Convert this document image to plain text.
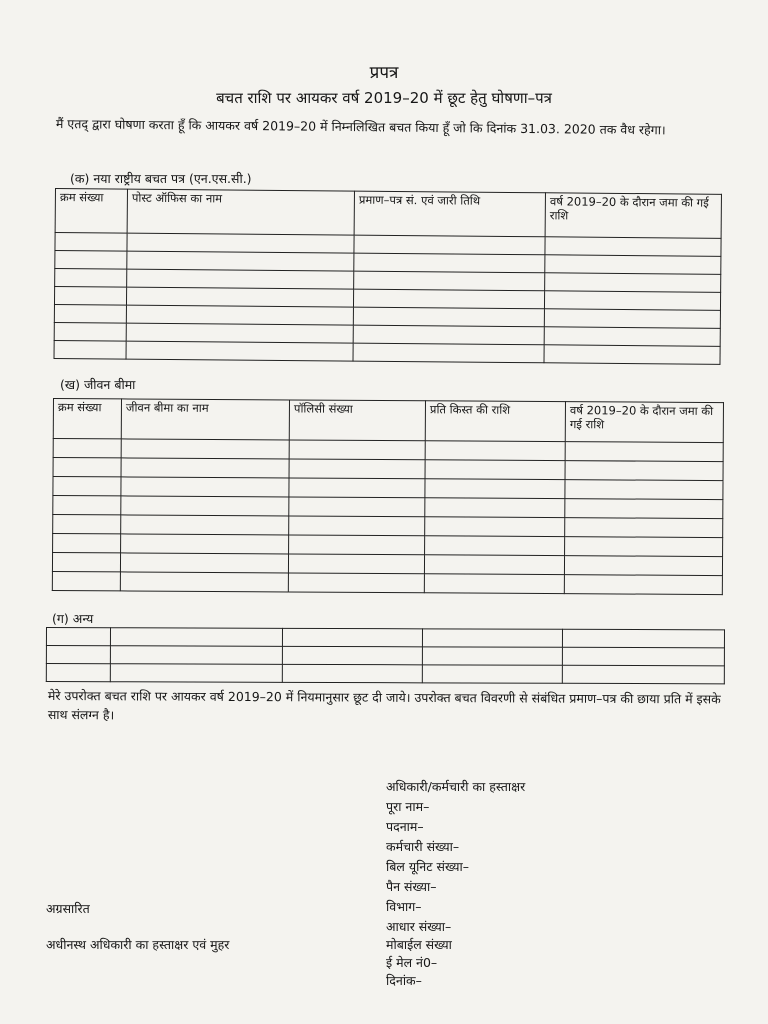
प्रपत्र
बचत राशि पर आयकर वर्ष 2019–20 में छूट हेतु घोषणा–पत्र
मैं एतद् द्वारा घोषणा करता हूँ कि आयकर वर्ष 2019–20 में निम्नलिखित बचत किया हूँ जो कि दिनांक 31.03. 2020 तक वैध रहेगा।
(क) नया राष्ट्रीय बचत पत्र (एन.एस.सी.)
क्रम संख्या	पोस्ट ऑफिस का नाम	प्रमाण–पत्र सं. एवं जारी तिथि	वर्ष 2019–20 के दौरान जमा की गई राशि

(ख) जीवन बीमा
क्रम संख्या	जीवन बीमा का नाम	पॉलिसी संख्या	प्रति किस्त की राशि	वर्ष 2019–20 के दौरान जमा की गई राशि

(ग) अन्य

मेरे उपरोक्त बचत राशि पर आयकर वर्ष 2019–20 में नियमानुसार छूट दी जाये। उपरोक्त बचत विवरणी से संबंधित प्रमाण–पत्र की छाया प्रति में इसके साथ संलग्न है।
अधिकारी/कर्मचारी का हस्ताक्षर
पूरा नाम–
पदनाम–
कर्मचारी संख्या–
बिल यूनिट संख्या–
पैन संख्या–
विभाग–
आधार संख्या–
मोबाईल संख्या
ई मेल नं0–
दिनांक–
अग्रसारित
अधीनस्थ अधिकारी का हस्ताक्षर एवं मुहर
